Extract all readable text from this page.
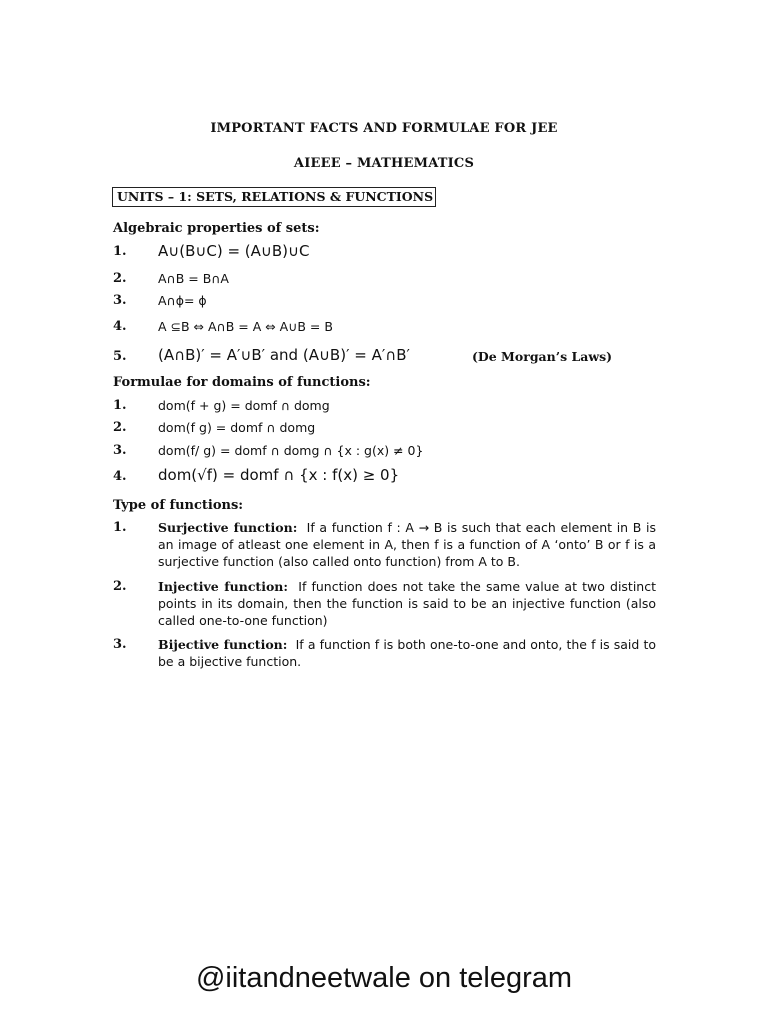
IMPORTANT FACTS AND FORMULAE FOR JEE
AIEEE – MATHEMATICS
UNITS – 1: SETS, RELATIONS & FUNCTIONS
Algebraic properties of sets:
1. A∪(B∪C) = (A∪B)∪C
2.	A∩B = B∩A
3.	A∩ϕ= ϕ
4.	A ⊆B ⇔ A∩B = A ⇔ A∪B = B
5. (A∩B)′ = A′∪B′ and (A∪B)′ = A′∩B′	(De Morgan’s Laws)
Formulae for domains of functions:
1.	dom(f + g) = domf ∩ domg
2.	dom(f g) = domf ∩ domg
3.	dom(f/ g) = domf ∩ domg ∩ {x : g(x) ≠ 0}
4. dom(√f) = domf ∩ {x : f(x) ≥ 0}
Type of functions:
1.	Surjective function: If a function f : A → B is such that each element in B is an image of atleast one element in A, then f is a function of A ‘onto’ B or f is a surjective function (also called onto function) from A to B.
2.	Injective function: If function does not take the same value at two distinct points in its domain, then the function is said to be an injective function (also called one-to-one function)
3.	Bijective function: If a function f is both one-to-one and onto, the f is said to be a bijective function.
@iitandneetwale on telegram
